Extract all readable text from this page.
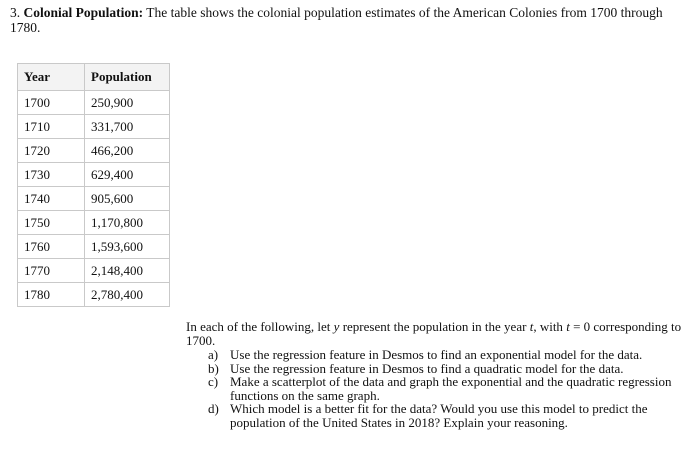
3. Colonial Population: The table shows the colonial population estimates of the American Colonies from 1700 through 1780.
Year	Population
1700	250,900
1710	331,700
1720	466,200
1730	629,400
1740	905,600
1750	1,170,800
1760	1,593,600
1770	2,148,400
1780	2,780,400

In each of the following, let y represent the population in the year t, with t = 0 corresponding to 1700.

a) Use the regression feature in Desmos to find an exponential model for the data.
b) Use the regression feature in Desmos to find a quadratic model for the data.
c) Make a scatterplot of the data and graph the exponential and the quadratic regression functions on the same graph.
d) Which model is a better fit for the data? Would you use this model to predict the population of the United States in 2018? Explain your reasoning.
